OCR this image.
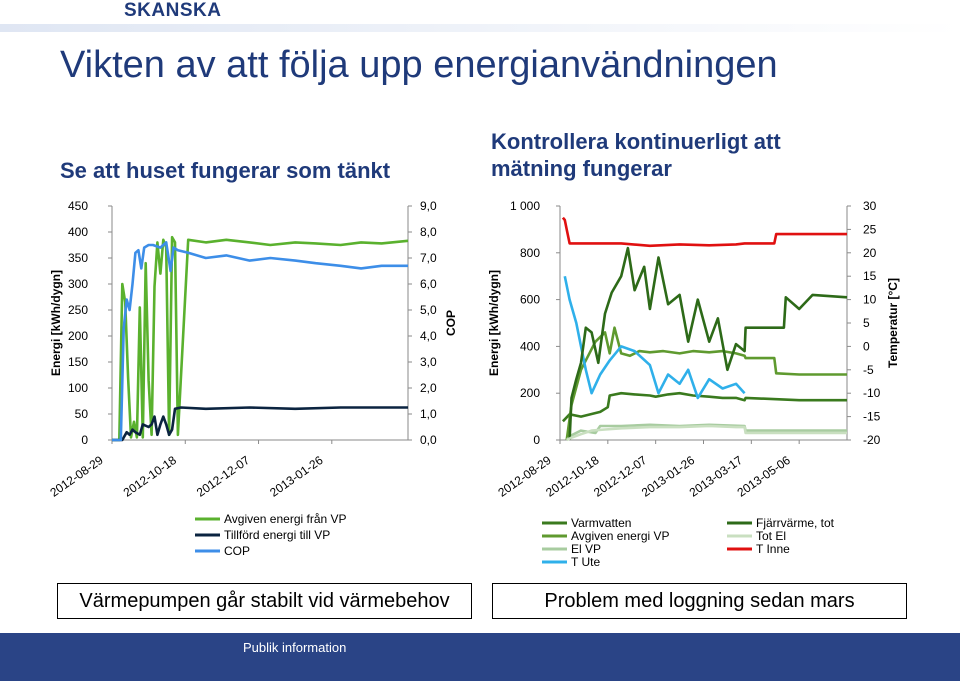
SKANSKA
Vikten av att följa upp energianvändningen
Se att huset fungerar som tänkt
Kontrollera kontinuerligt att
mätning fungerar
0
50
100
150
200
250
300
350
400
450
0,0
1,0
2,0
3,0
4,0
5,0
6,0
7,0
8,0
9,0
2012-08-29 2012-10-18 2012-12-07 2013-01-26
Energi [kWh/dygn]	COP
Avgiven energi från VP
Tillförd energi till VP
COP
0
200
400
600
800
1 000
-20
-15
-10
-5
0
5
10
15
20
25
30
2012-08-29
2012-10-18
2012-12-07
2013-01-26
2013-03-17
2013-05-06
Energi [kWh/dygn]	Temperatur [°C]
Varmvatten
Avgiven energi VP
El VP
T Ute
Fjärrvärme, tot
Tot El
T Inne
Värmepumpen går stabilt vid värmebehov	Problem med loggning sedan mars
Publik information
